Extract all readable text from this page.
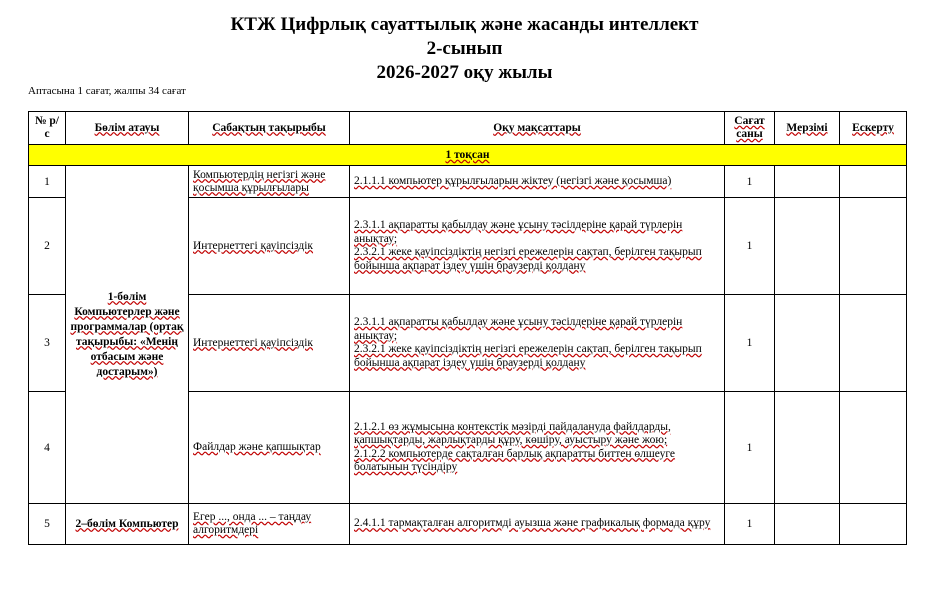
КТЖ Цифрлық сауаттылық және жасанды интеллект
2-сынып
2026-2027 оқу жылы
Аптасына 1 сағат, жалпы 34 сағат
№ р/с	Бөлім атауы	Сабақтың тақырыбы	Оқу мақсаттары	Сағат саны	Мерзімі	Ескерту
1 тоқсан						
1	1-бөлім Компьютерлер және программалар (ортақ тақырыбы: «Менің отбасым және достарым»)	Компьютердің негізгі және қосымша құрылғылары	2.1.1.1 компьютер құрылғыларын жіктеу (негізгі және қосымша)	1		
2		Интернеттегі қауіпсіздік	2.3.1.1 ақпаратты қабылдау және ұсыну тәсілдеріне қарай түрлерін анықтау;
2.3.2.1 жеке қауіпсіздіктің негізгі ережелерін сақтап, берілген тақырып бойынша ақпарат іздеу үшін браузерді қолдану	1		
3		Интернеттегі қауіпсіздік	2.3.1.1 ақпаратты қабылдау және ұсыну тәсілдеріне қарай түрлерін анықтау;
2.3.2.1 жеке қауіпсіздіктің негізгі ережелерін сақтап, берілген тақырып бойынша ақпарат іздеу үшін браузерді қолдану	1		
4		Файлдар және қапшықтар	2.1.2.1 өз жұмысына контекстік мәзірді пайдалануда файлдарды, қапшықтарды, жарлықтарды құру, көшіру, ауыстыру және жою;
2.1.2.2 компьютерде сақталған барлық ақпаратты биттен өлшеуге болатынын түсіндіру	1		
5	2–бөлім Компьютер	Егер ..., онда ... – таңдау алгоритмдері	2.4.1.1 тармақталған алгоритмді ауызша және графикалық формада құру	1		
